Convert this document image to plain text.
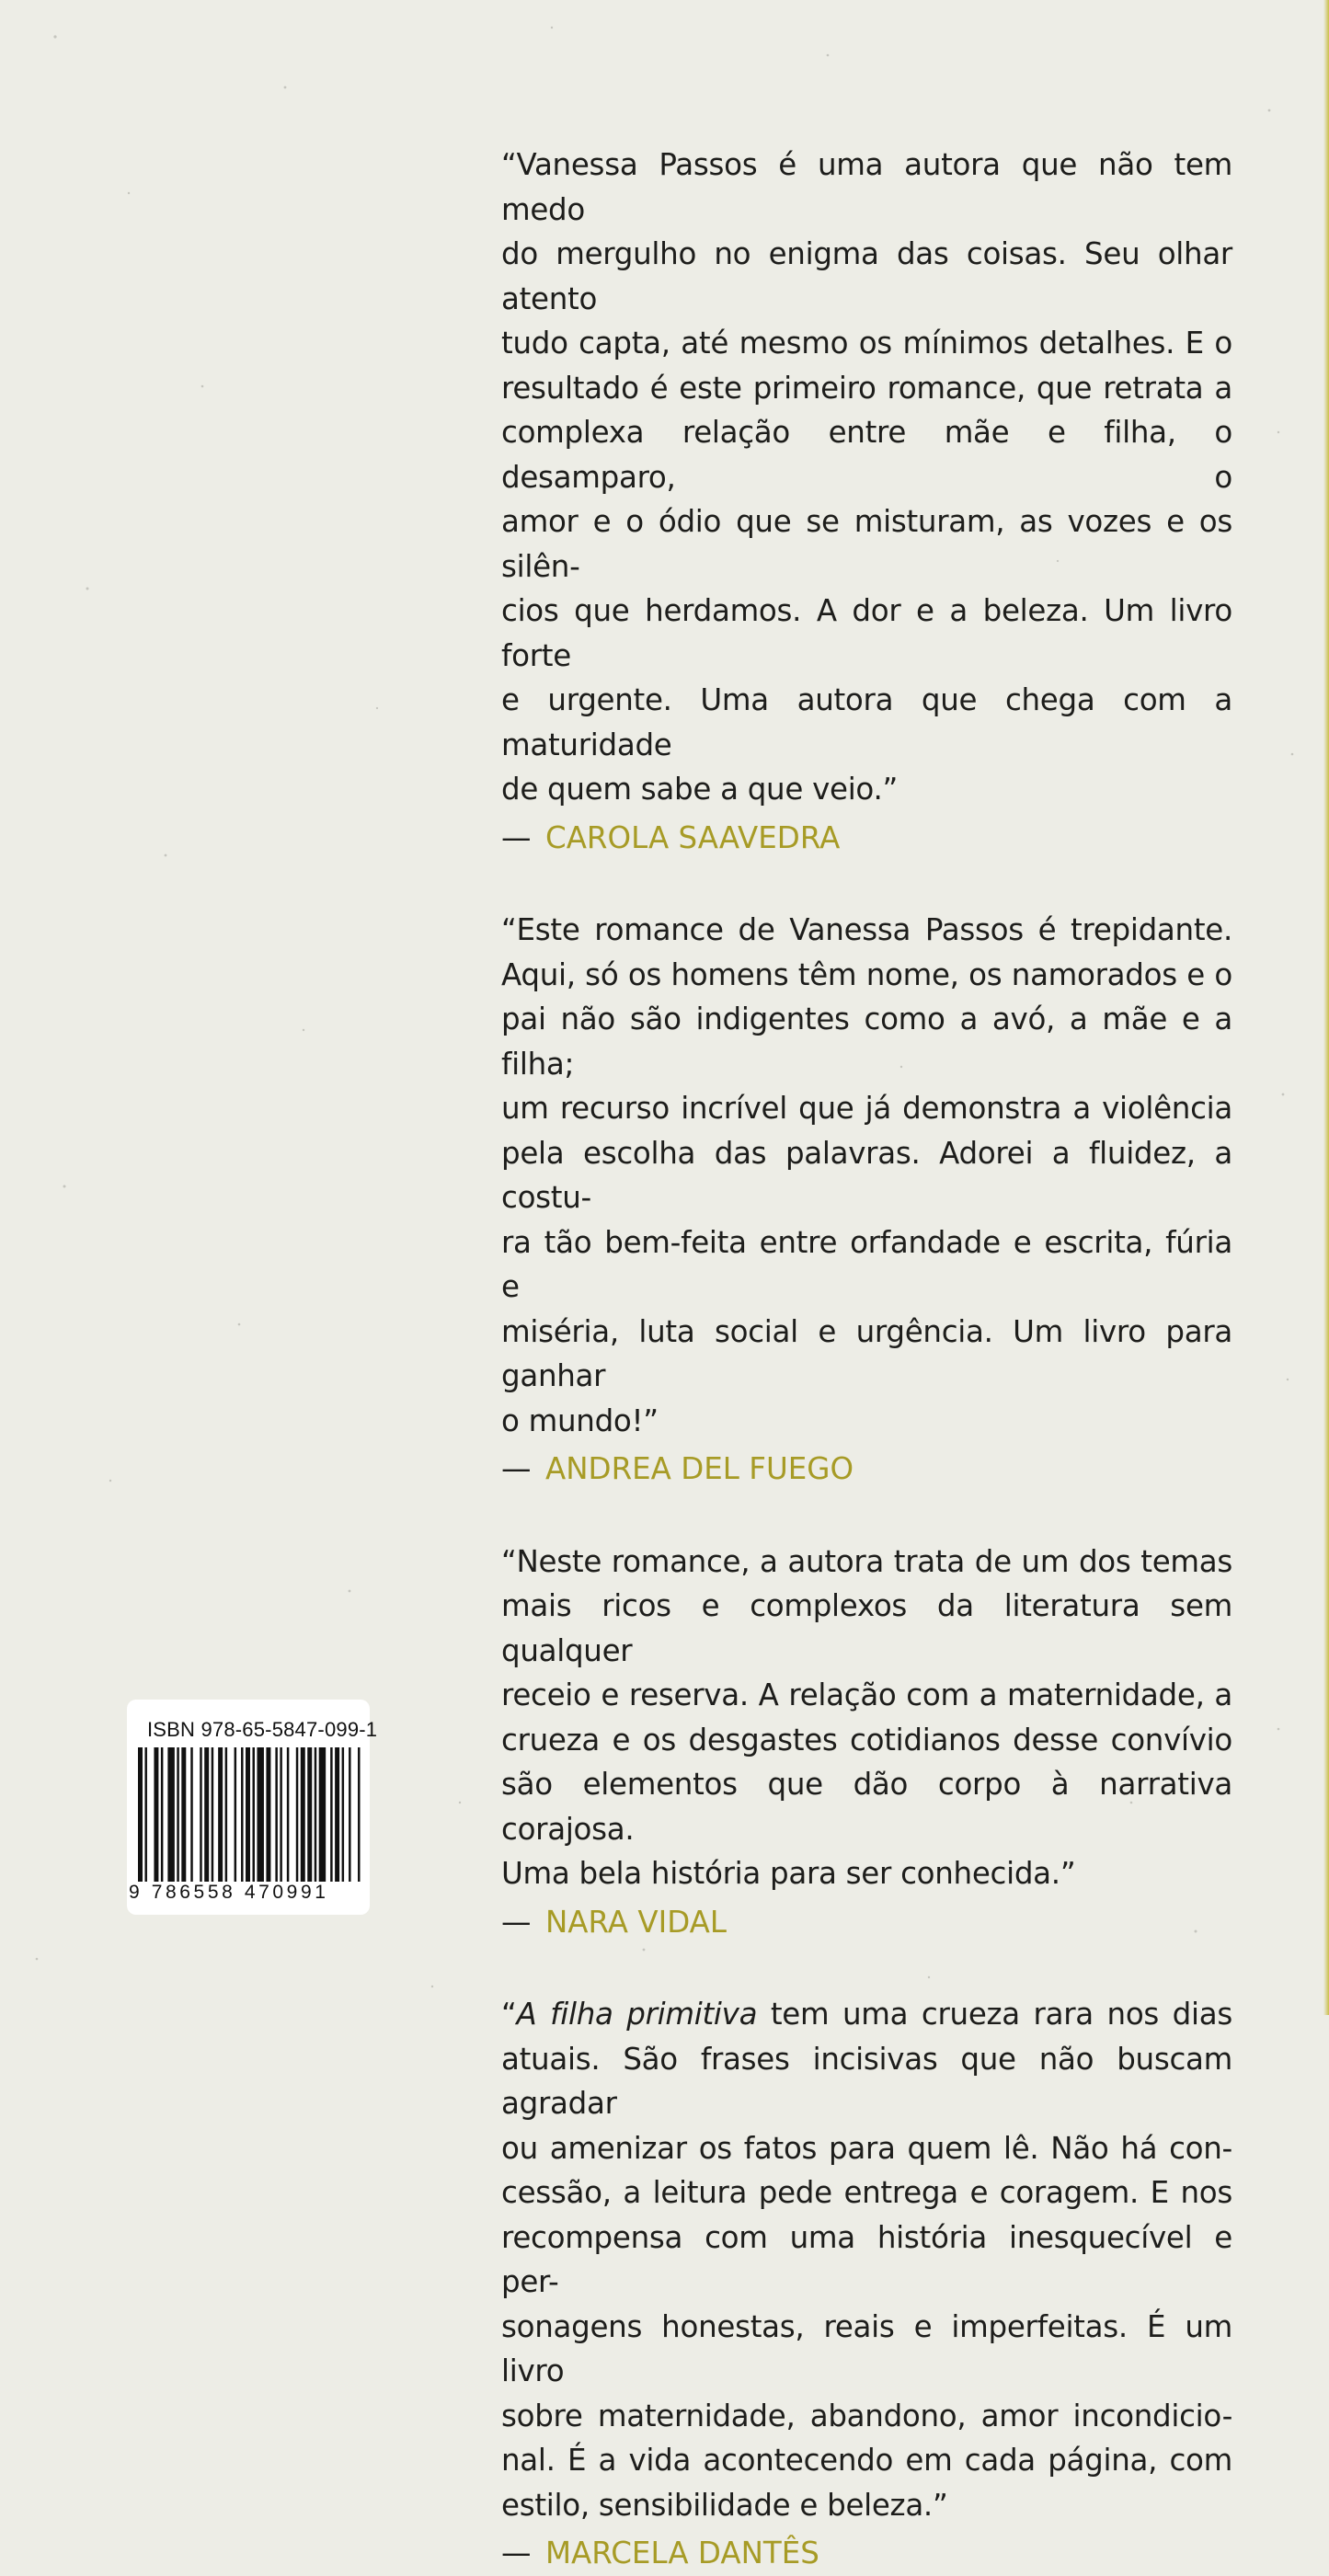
“Vanessa Passos é uma autora que não tem medo
do mergulho no enigma das coisas. Seu olhar atento
tudo capta, até mesmo os mínimos detalhes. E o
resultado é este primeiro romance, que retrata a
complexa relação entre mãe e filha, o desamparo, o
amor e o ódio que se misturam, as vozes e os silên-
cios que herdamos. A dor e a beleza. Um livro forte
e urgente. Uma autora que chega com a maturidade
de quem sabe a que veio.”

— CAROLA SAAVEDRA

“Este romance de Vanessa Passos é trepidante.
Aqui, só os homens têm nome, os namorados e o
pai não são indigentes como a avó, a mãe e a filha;
um recurso incrível que já demonstra a violência
pela escolha das palavras. Adorei a fluidez, a costu-
ra tão bem-feita entre orfandade e escrita, fúria e
miséria, luta social e urgência. Um livro para ganhar
o mundo!”

— ANDREA DEL FUEGO

“Neste romance, a autora trata de um dos temas
mais ricos e complexos da literatura sem qualquer
receio e reserva. A relação com a maternidade, a
crueza e os desgastes cotidianos desse convívio
são elementos que dão corpo à narrativa corajosa.
Uma bela história para ser conhecida.”

— NARA VIDAL

“A filha primitiva tem uma crueza rara nos dias
atuais. São frases incisivas que não buscam agradar
ou amenizar os fatos para quem lê. Não há con-
cessão, a leitura pede entrega e coragem. E nos
recompensa com uma história inesquecível e per-
sonagens honestas, reais e imperfeitas. É um livro
sobre maternidade, abandono, amor incondicio-
nal. É a vida acontecendo em cada página, com
estilo, sensibilidade e beleza.”

— MARCELA DANTÊS

ISBN 978-65-5847-099-1
9 786558 470991
